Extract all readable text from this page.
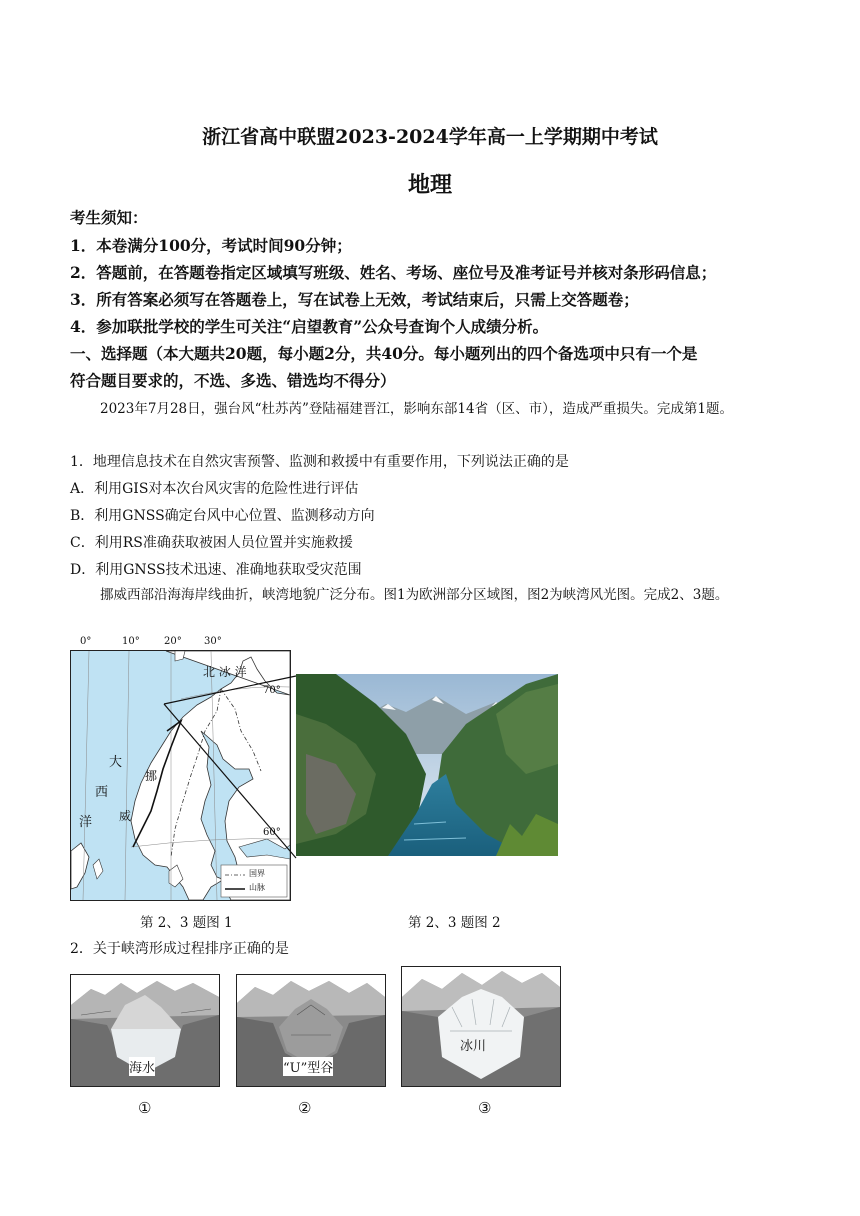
浙江省高中联盟2023-2024学年高一上学期期中考试
地理
考生须知：
1．本卷满分100分，考试时间90分钟；
2．答题前，在答题卷指定区域填写班级、姓名、考场、座位号及准考证号并核对条形码信息；
3．所有答案必须写在答题卷上，写在试卷上无效，考试结束后，只需上交答题卷；
4．参加联批学校的学生可关注“启望教育”公众号查询个人成绩分析。
一、选择题（本大题共20题，每小题2分，共40分。每小题列出的四个备选项中只有一个是
符合题目要求的，不选、多选、错选均不得分）
2023年7月28日，强台风“杜苏芮”登陆福建晋江，影响东部14省（区、市），造成严重损失。完成第1题。
1．地理信息技术在自然灾害预警、监测和救援中有重要作用，下列说法正确的是
A．利用GIS对本次台风灾害的危险性进行评估
B．利用GNSS确定台风中心位置、监测移动方向
C．利用RS准确获取被困人员位置并实施救援
D．利用GNSS技术迅速、准确地获取受灾范围
挪威西部沿海海岸线曲折，峡湾地貌广泛分布。图1为欧洲部分区域图，图2为峡湾风光图。完成2、3题。
0°	10° 20° 30°
北 冰 洋
70°
60°
大
西
洋
挪
威
国界
山脉
第 2、3 题图 1	第 2、3 题图 2
2．关于峡湾形成过程排序正确的是
海水
①
“U”型谷
②
冰川
③
